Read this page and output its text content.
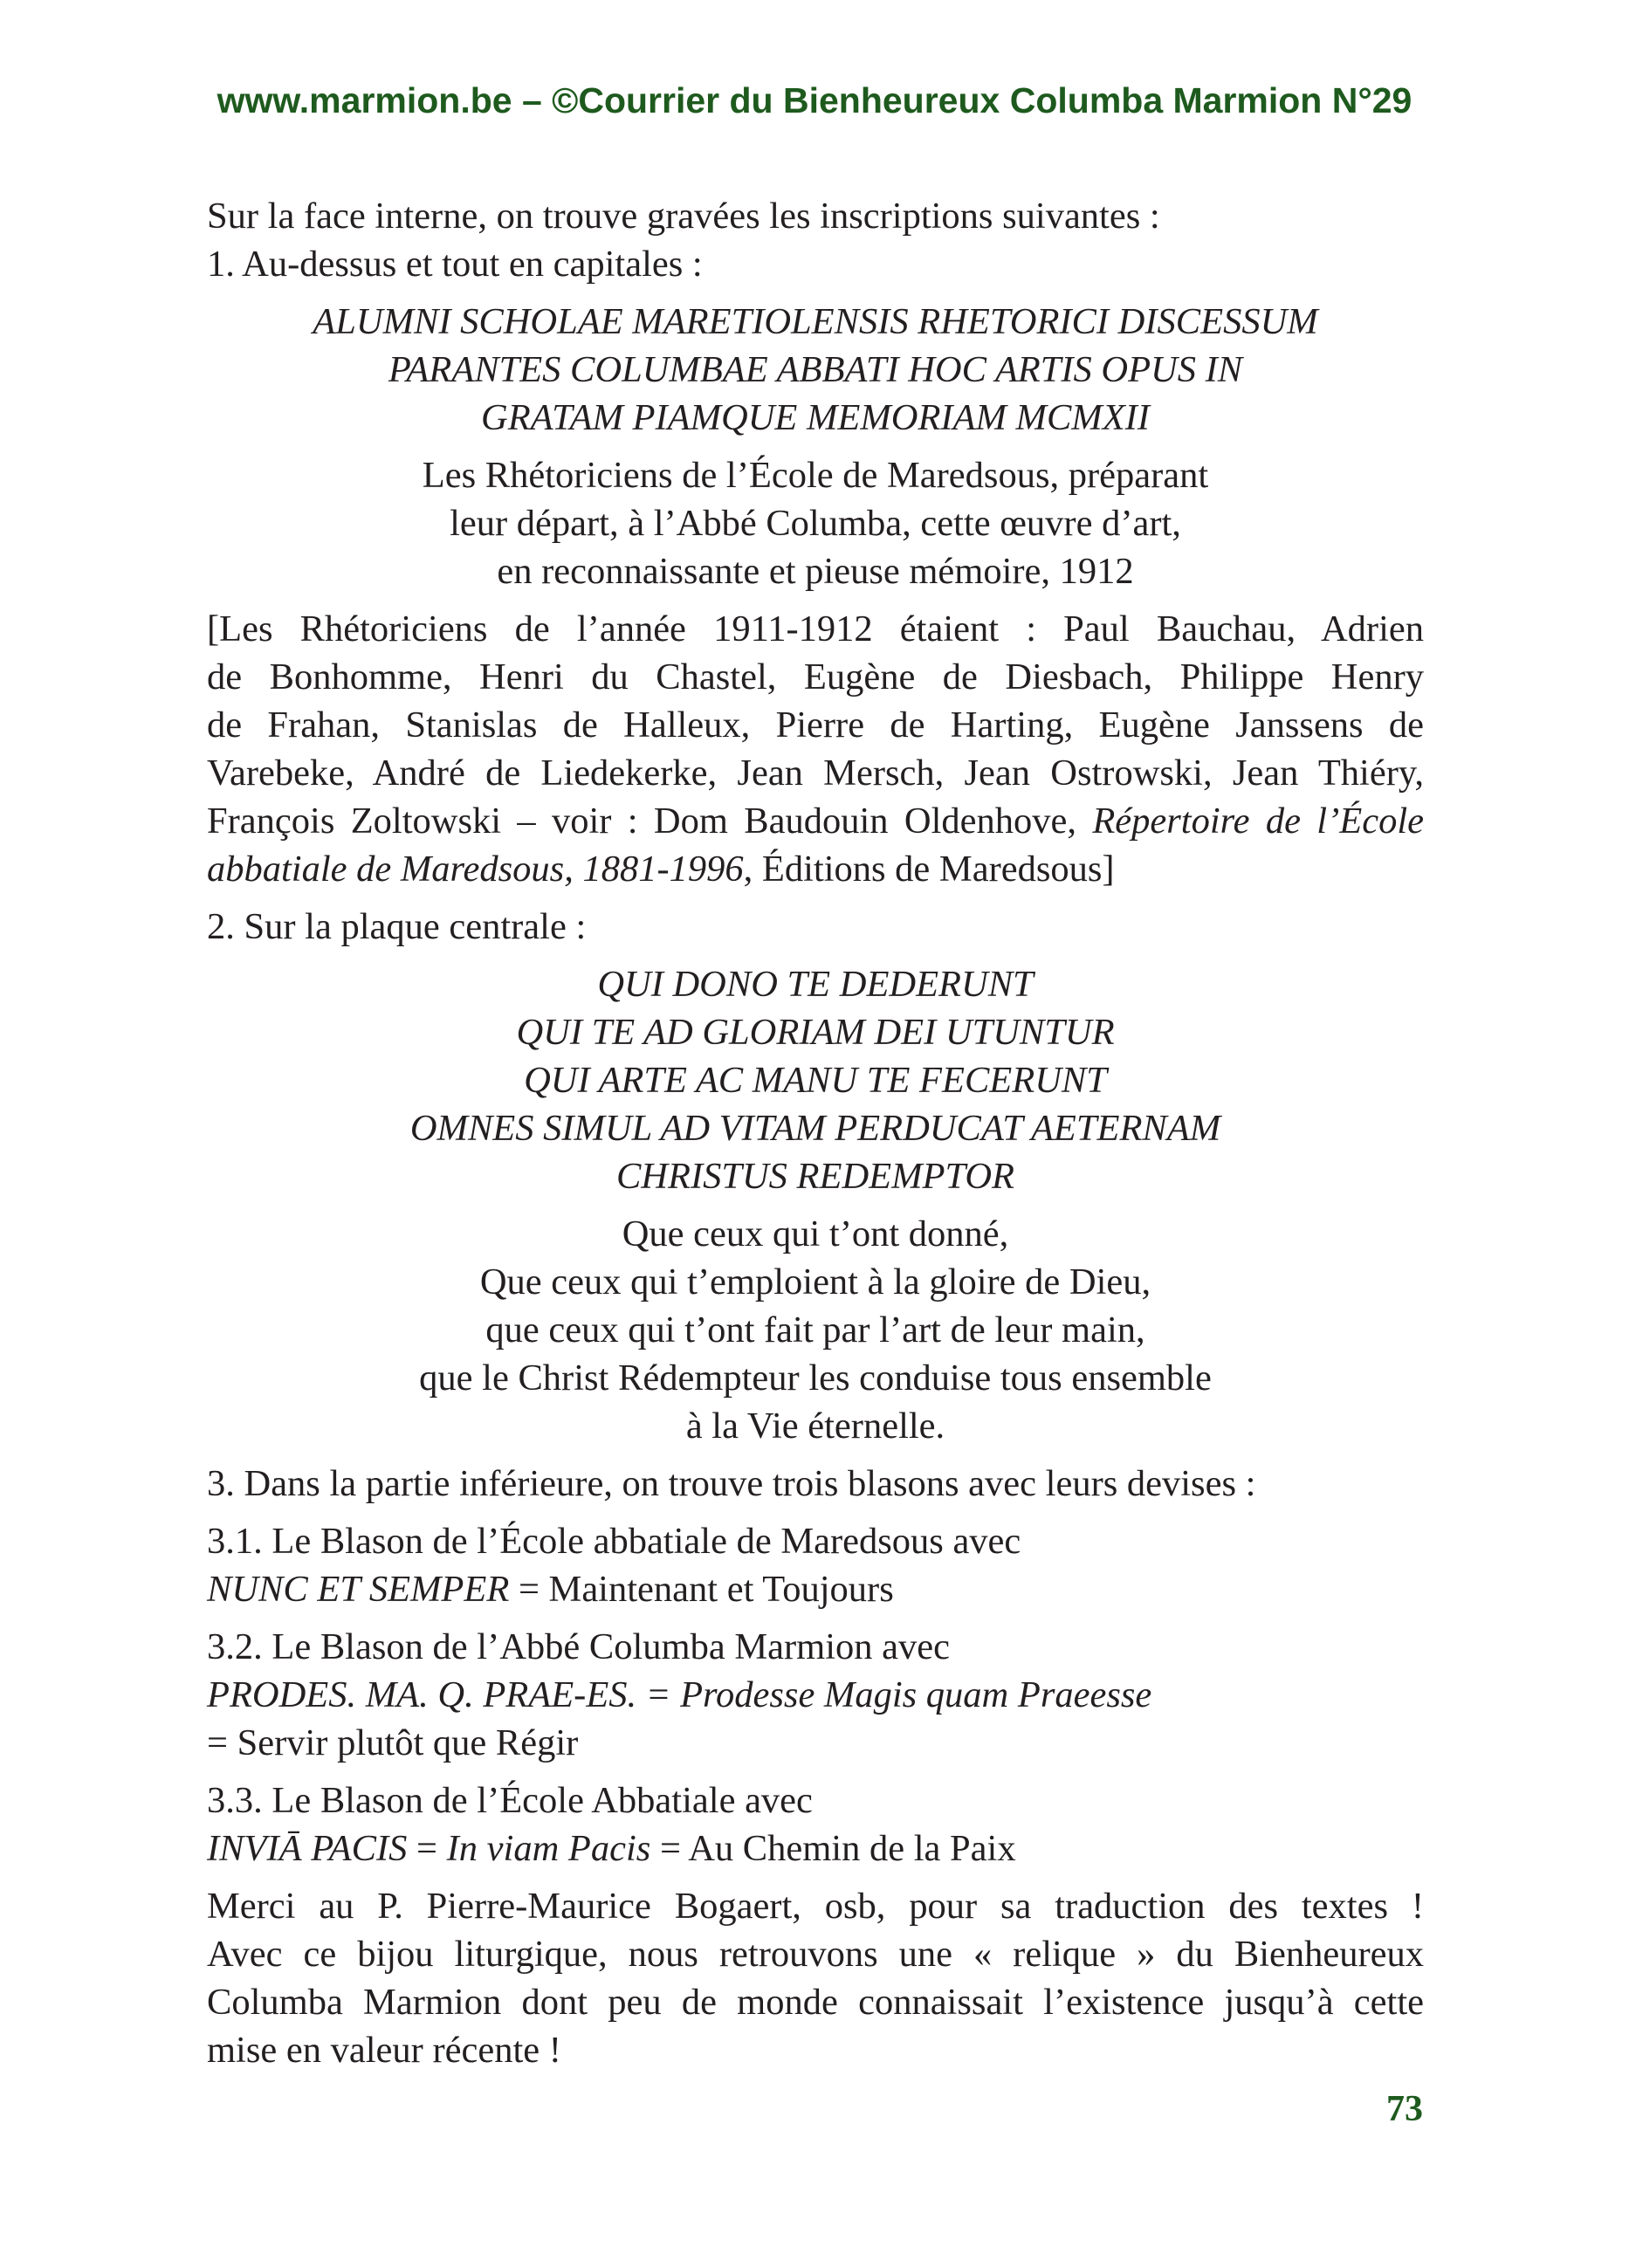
www.marmion.be – ©Courrier du Bienheureux Columba Marmion N°29

Sur la face interne, on trouve gravées les inscriptions suivantes :

1. Au-dessus et tout en capitales :

ALUMNI SCHOLAE MARETIOLENSIS RHETORICI DISCESSUM

PARANTES COLUMBAE ABBATI HOC ARTIS OPUS IN

GRATAM PIAMQUE MEMORIAM MCMXII

Les Rhétoriciens de l’École de Maredsous, préparant

leur départ, à l’Abbé Columba, cette œuvre d’art,

en reconnaissante et pieuse mémoire, 1912

[Les Rhétoriciens de l’année 1911-1912 étaient : Paul Bauchau, Adrien

de Bonhomme, Henri du Chastel, Eugène de Diesbach, Philippe Henry

de Frahan, Stanislas de Halleux, Pierre de Harting, Eugène Janssens de

Varebeke, André de Liedekerke, Jean Mersch, Jean Ostrowski, Jean Thiéry,

François Zoltowski – voir : Dom Baudouin Oldenhove, Répertoire de l’École

abbatiale de Maredsous, 1881-1996, Éditions de Maredsous]

2. Sur la plaque centrale :

QUI DONO TE DEDERUNT

QUI TE AD GLORIAM DEI UTUNTUR

QUI ARTE AC MANU TE FECERUNT

OMNES SIMUL AD VITAM PERDUCAT AETERNAM

CHRISTUS REDEMPTOR

Que ceux qui t’ont donné,

Que ceux qui t’emploient à la gloire de Dieu,

que ceux qui t’ont fait par l’art de leur main,

que le Christ Rédempteur les conduise tous ensemble

à la Vie éternelle.

3. Dans la partie inférieure, on trouve trois blasons avec leurs devises :

3.1. Le Blason de l’École abbatiale de Maredsous avec

NUNC ET SEMPER = Maintenant et Toujours

3.2. Le Blason de l’Abbé Columba Marmion avec

PRODES. MA. Q. PRAE-ES. = Prodesse Magis quam Praeesse

= Servir plutôt que Régir

3.3. Le Blason de l’École Abbatiale avec

INVIĀ PACIS = In viam Pacis = Au Chemin de la Paix

Merci au P. Pierre-Maurice Bogaert, osb, pour sa traduction des textes !

Avec ce bijou liturgique, nous retrouvons une « relique » du Bienheureux

Columba Marmion dont peu de monde connaissait l’existence jusqu’à cette

mise en valeur récente !

73
